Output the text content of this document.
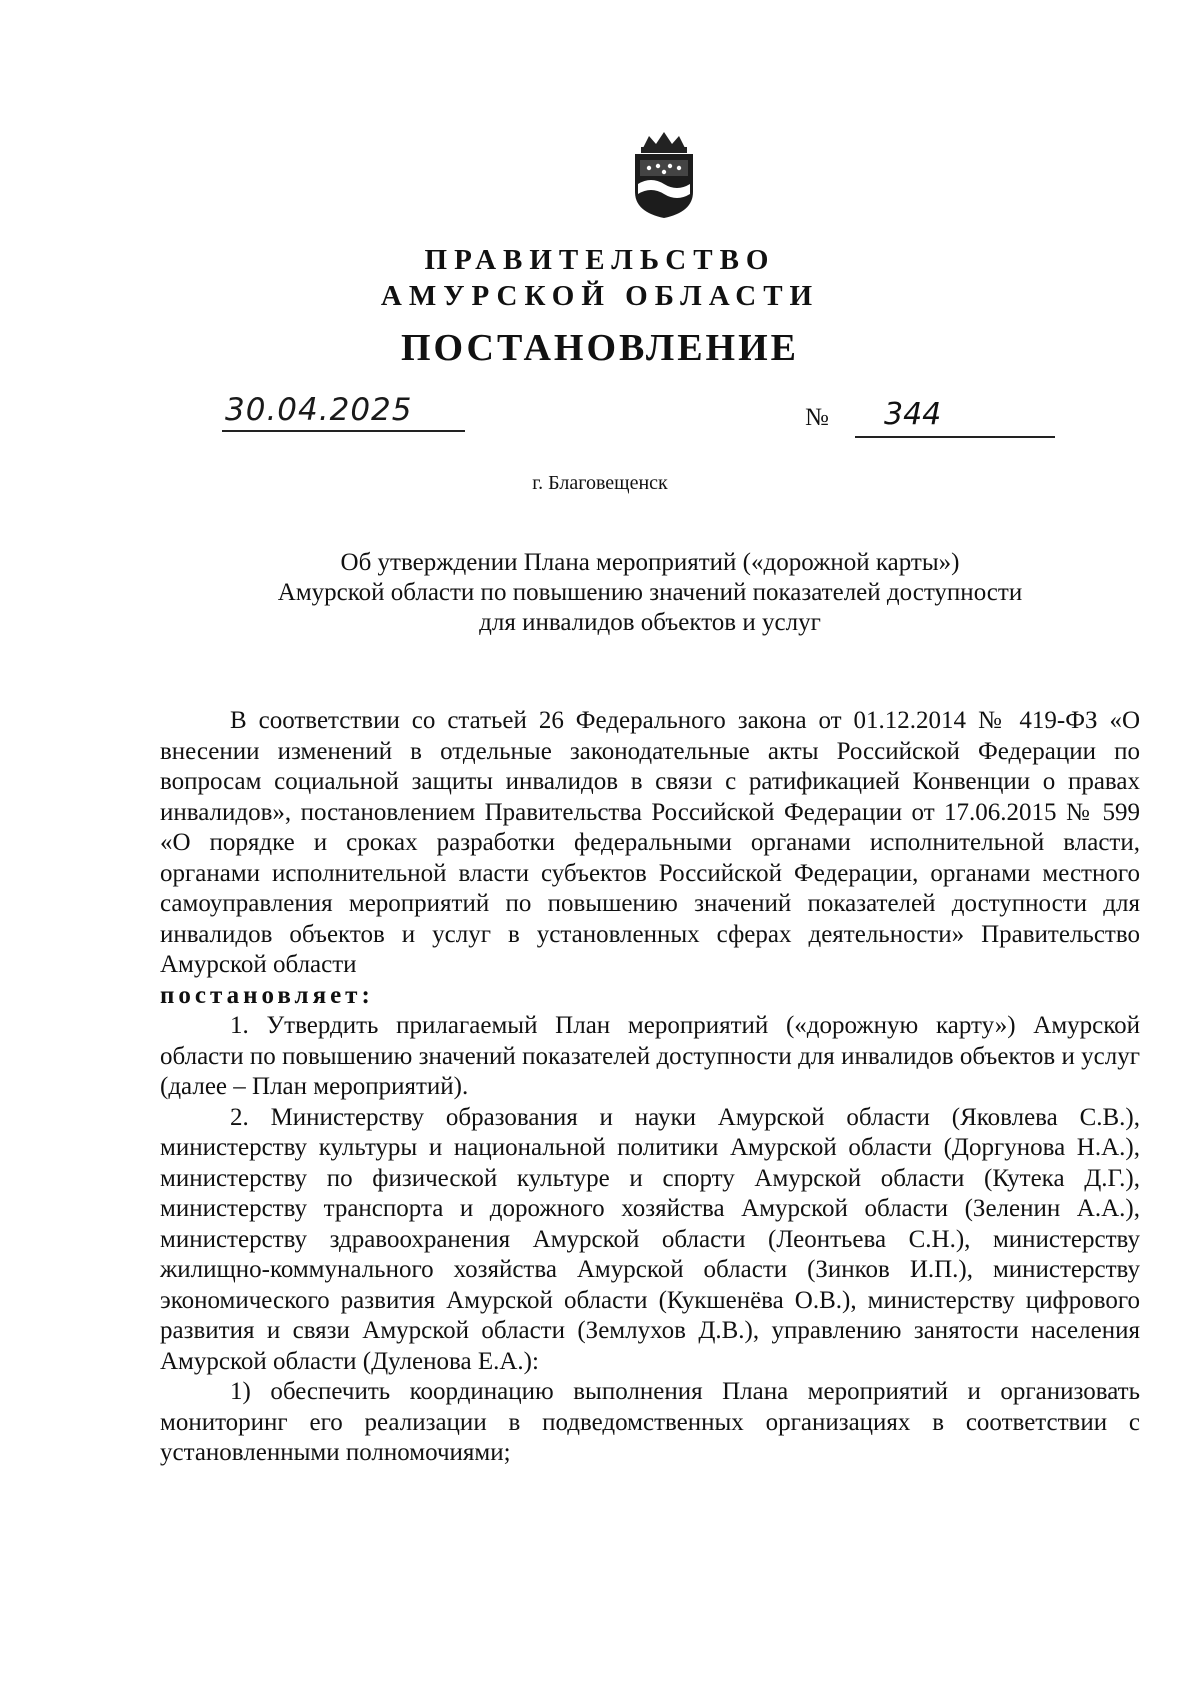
ПРАВИТЕЛЬСТВО
АМУРСКОЙ ОБЛАСТИ
ПОСТАНОВЛЕНИЕ
30.04.2025	№ 344
г. Благовещенск
Об утверждении Плана мероприятий («дорожной карты»)
Амурской области по повышению значений показателей доступности
для инвалидов объектов и услуг

В соответствии со статьей 26 Федерального закона от 01.12.2014 № 419-ФЗ «О внесении изменений в отдельные законодательные акты Российской Федерации по вопросам социальной защиты инвалидов в связи с ратификацией Конвенции о правах инвалидов», постановлением Правительства Российской Федерации от 17.06.2015 № 599 «О порядке и сроках разработки федеральными органами исполнительной власти, органами исполнительной власти субъектов Российской Федерации, органами местного самоуправления мероприятий по повышению значений показателей доступности для инвалидов объектов и услуг в установленных сферах деятельности» Правительство Амурской области

постановляет:

1. Утвердить прилагаемый План мероприятий («дорожную карту») Амурской области по повышению значений показателей доступности для инвалидов объектов и услуг (далее – План мероприятий).

2. Министерству образования и науки Амурской области (Яковлева С.В.), министерству культуры и национальной политики Амурской области (Доргунова Н.А.), министерству по физической культуре и спорту Амурской области (Кутека Д.Г.), министерству транспорта и дорожного хозяйства Амурской области (Зеленин А.А.), министерству здравоохранения Амурской области (Леонтьева С.Н.), министерству жилищно-коммунального хозяйства Амурской области (Зинков И.П.), министерству экономического развития Амурской области (Кукшенёва О.В.), министерству цифрового развития и связи Амурской области (Землухов Д.В.), управлению занятости населения Амурской области (Дуленова Е.А.):

1) обеспечить координацию выполнения Плана мероприятий и организовать мониторинг его реализации в подведомственных организациях в соответствии с установленными полномочиями;
